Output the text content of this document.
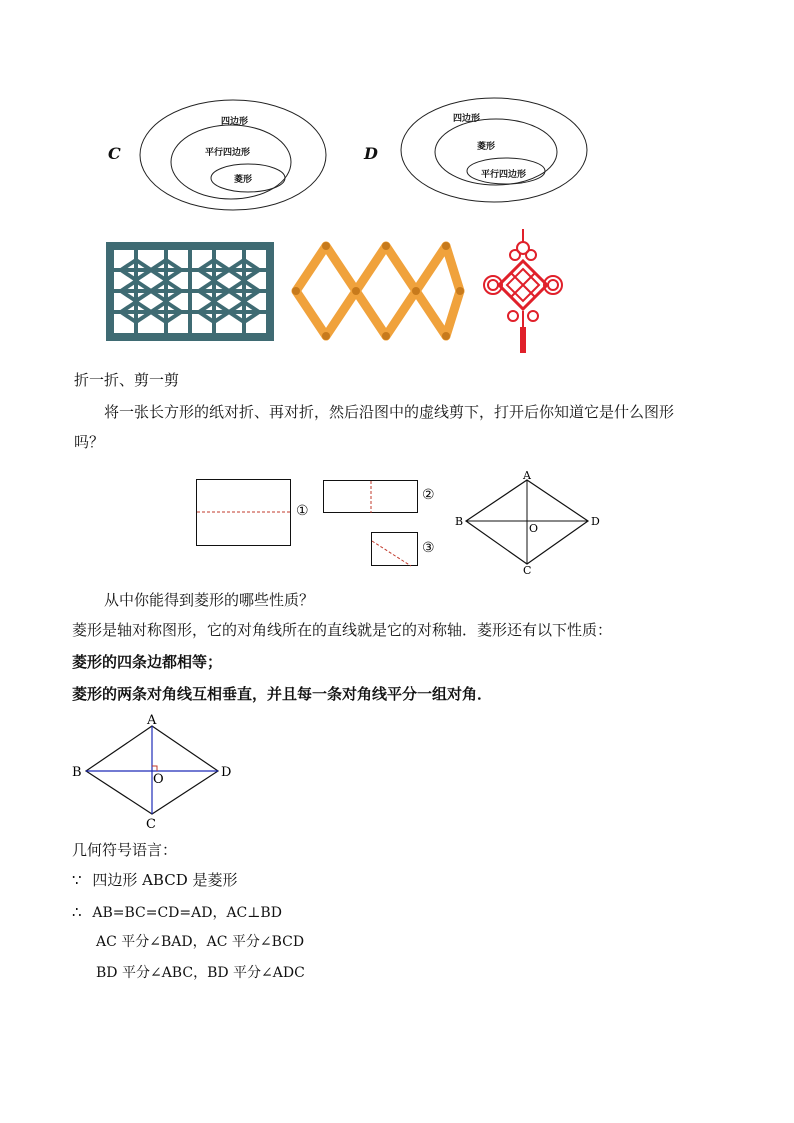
C
四边形
平行四边形
菱形
D
四边形
菱形
平行四边形
折一折、剪一剪
将一张长方形的纸对折、再对折，然后沿图中的虚线剪下，打开后你知道它是什么图形
吗？
①
②
③
A
B
C
D
O
从中你能得到菱形的哪些性质？
菱形是轴对称图形，它的对角线所在的直线就是它的对称轴．菱形还有以下性质：
菱形的四条边都相等；
菱形的两条对角线互相垂直，并且每一条对角线平分一组对角．
A
B
C
D
O
几何符号语言：
∵ 四边形 ABCD 是菱形
∴ AB=BC=CD=AD，AC⊥BD
AC 平分∠BAD，AC 平分∠BCD
BD 平分∠ABC，BD 平分∠ADC
